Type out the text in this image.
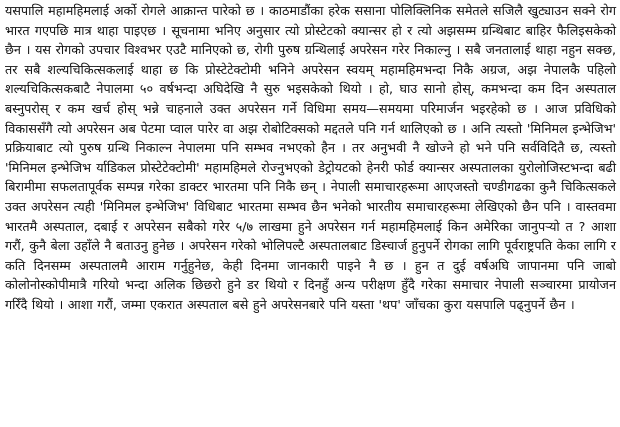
यसपालि महामहिमलाई अर्को रोगले आक्रान्त पारेको छ । काठमाडौंका हरेक ससाना पोलिक्लिनिक समेतले सजिलै खुट्याउन सक्ने रोग भारत गएपछि मात्र थाहा पाइएछ । सूचनामा भनिए अनुसार त्यो प्रोस्टेटको क्यान्सर हो र त्यो अझसम्म ग्रन्थिबाट बाहिर फैलिइसकेको छैन । यस रोगको उपचार विश्वभर एउटै मानिएको छ, रोगी पुरुष ग्रन्थिलाई अपरेसन गरेर निकाल्नु । सबै जनतालाई थाहा नहुन सक्छ, तर सबै शल्यचिकित्सकलाई थाहा छ कि प्रोस्टेटेक्टोमी भनिने अपरेसन स्वयम् महामहिमभन्दा निकै अग्रज, अझ नेपालकै पहिलो शल्यचिकित्सकबाटै नेपालमा ५० वर्षभन्दा अघिदेखि नै सुरु भइसकेको थियो । हो, घाउ सानो होस्, कमभन्दा कम दिन अस्पताल बस्नुपरोस् र कम खर्च होस् भन्ने चाहनाले उक्त अपरेसन गर्ने विधिमा समय—समयमा परिमार्जन भइरहेको छ । आज प्रविधिको विकाससँगै त्यो अपरेसन अब पेटमा प्वाल पारेर वा अझ रोबोटिक्सको मद्दतले पनि गर्न थालिएको छ । अनि त्यस्तो 'मिनिमल इन्भेजिभ' प्रक्रियाबाट त्यो पुरुष ग्रन्थि निकाल्न नेपालमा पनि सम्भव नभएको हैन । तर अनुभवी नै खोज्ने हो भने पनि सर्वविदितै छ, त्यस्तो 'मिनिमल इन्भेजिभ र्याडिकल प्रोस्टेटेक्टोमी' महामहिमले रोज्नुभएको डेट्रोयटको हेनरी फोर्ड क्यान्सर अस्पतालका युरोलोजिस्टभन्दा बढी बिरामीमा सफलतापूर्वक सम्पन्न गरेका डाक्टर भारतमा पनि निकै छन् । नेपाली समाचारहरूमा आएजस्तो चण्डीगढका कुनै चिकित्सकले उक्त अपरेसन त्यही 'मिनिमल इन्भेजिभ' विधिबाट भारतमा सम्भव छैन भनेको भारतीय समाचारहरूमा लेखिएको छैन पनि । वास्तवमा भारतमै अस्पताल, दबाई र अपरेसन सबैको गरेर ५/७ लाखमा हुने अपरेसन गर्न महामहिमलाई किन अमेरिका जानुपऱ्यो त ? आशा गरौं, कुनै बेला उहाँले नै बताउनु हुनेछ । अपरेसन गरेको भोलिपल्टै अस्पतालबाट डिस्चार्ज हुनुपर्ने रोगका लागि पूर्वराष्ट्रपति केका लागि र कति दिनसम्म अस्पतालमै आराम गर्नुहुनेछ, केही दिनमा जानकारी पाइने नै छ । हुन त दुई वर्षअघि जापानमा पनि जाबो कोलोनोस्कोपीमात्रै गरियो भन्दा अलिक छिछरो हुने डर थियो र दिनहुँ अन्य परीक्षण हुँदै गरेका समाचार नेपाली सञ्चारमा प्रायोजन गरिँदै थियो । आशा गरौं, जम्मा एकरात अस्पताल बसे हुने अपरेसनबारे पनि यस्ता 'थप' जाँचका कुरा यसपालि पढ्नुपर्ने छैन ।
